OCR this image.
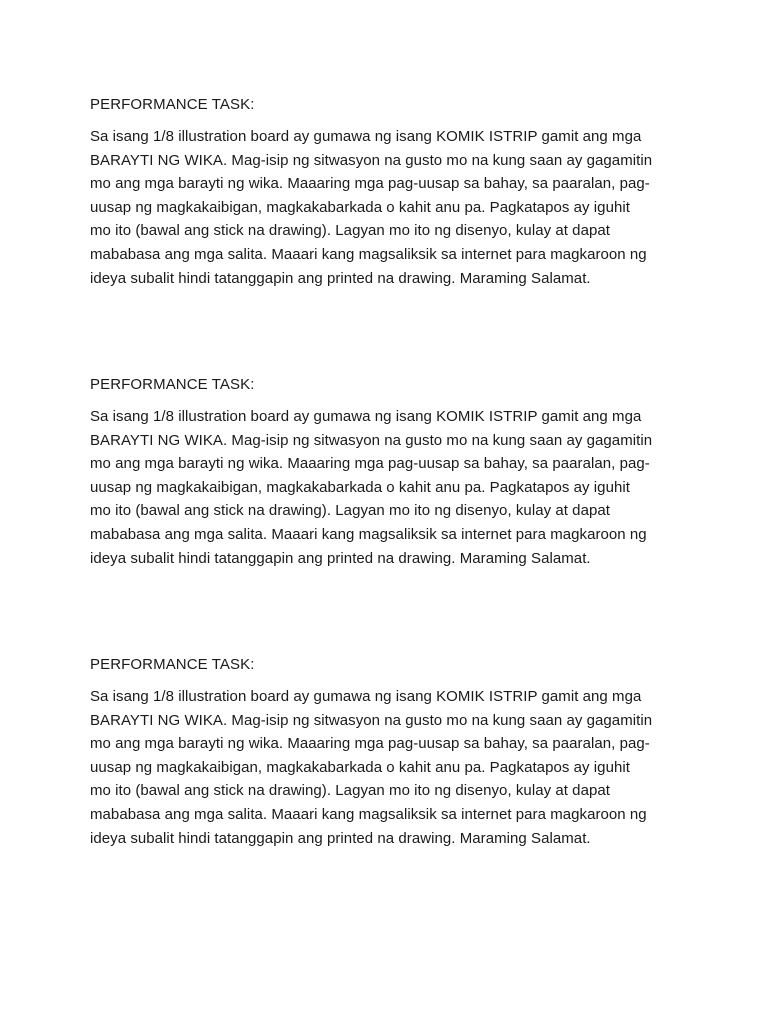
PERFORMANCE TASK:
Sa isang 1/8 illustration board ay gumawa ng isang KOMIK ISTRIP gamit ang mga
BARAYTI NG WIKA. Mag-isip ng sitwasyon na gusto mo na kung saan ay gagamitin
mo ang mga barayti ng wika. Maaaring mga pag-uusap sa bahay, sa paaralan, pag-
uusap ng magkakaibigan, magkakabarkada o kahit anu pa. Pagkatapos ay iguhit
mo ito (bawal ang stick na drawing). Lagyan mo ito ng disenyo, kulay at dapat
mababasa ang mga salita. Maaari kang magsaliksik sa internet para magkaroon ng
ideya subalit hindi tatanggapin ang printed na drawing. Maraming Salamat.
PERFORMANCE TASK:
Sa isang 1/8 illustration board ay gumawa ng isang KOMIK ISTRIP gamit ang mga
BARAYTI NG WIKA. Mag-isip ng sitwasyon na gusto mo na kung saan ay gagamitin
mo ang mga barayti ng wika. Maaaring mga pag-uusap sa bahay, sa paaralan, pag-
uusap ng magkakaibigan, magkakabarkada o kahit anu pa. Pagkatapos ay iguhit
mo ito (bawal ang stick na drawing). Lagyan mo ito ng disenyo, kulay at dapat
mababasa ang mga salita. Maaari kang magsaliksik sa internet para magkaroon ng
ideya subalit hindi tatanggapin ang printed na drawing. Maraming Salamat.
PERFORMANCE TASK:
Sa isang 1/8 illustration board ay gumawa ng isang KOMIK ISTRIP gamit ang mga
BARAYTI NG WIKA. Mag-isip ng sitwasyon na gusto mo na kung saan ay gagamitin
mo ang mga barayti ng wika. Maaaring mga pag-uusap sa bahay, sa paaralan, pag-
uusap ng magkakaibigan, magkakabarkada o kahit anu pa. Pagkatapos ay iguhit
mo ito (bawal ang stick na drawing). Lagyan mo ito ng disenyo, kulay at dapat
mababasa ang mga salita. Maaari kang magsaliksik sa internet para magkaroon ng
ideya subalit hindi tatanggapin ang printed na drawing. Maraming Salamat.
